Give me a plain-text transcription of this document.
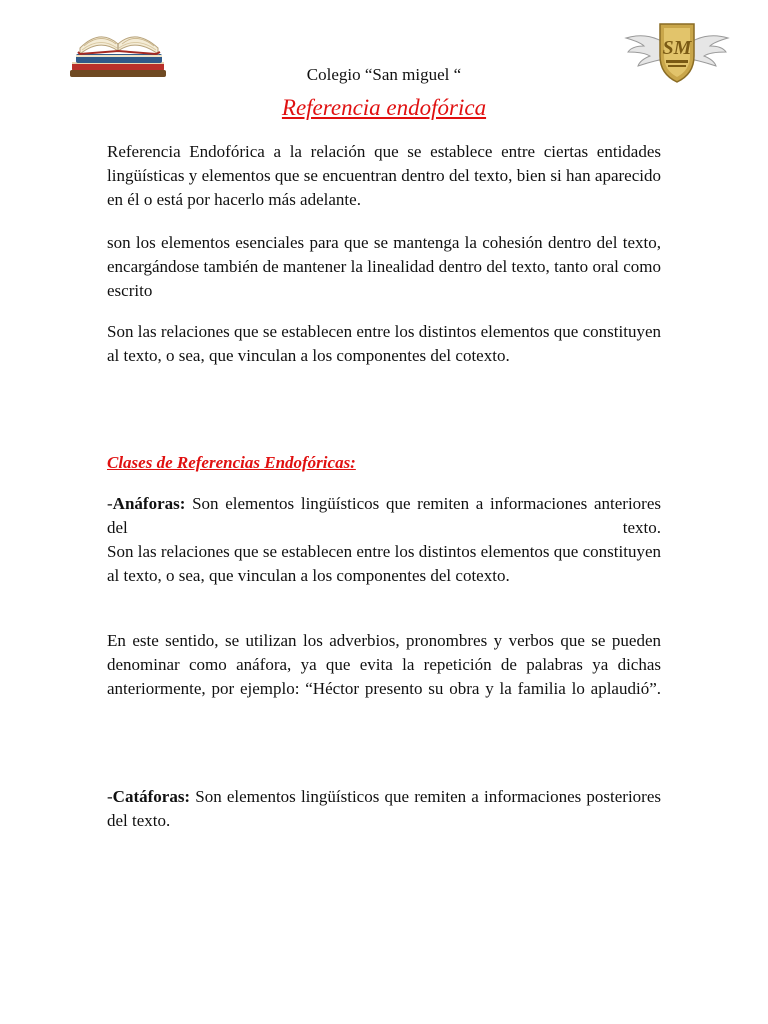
SM
Colegio “San miguel “
Referencia endofórica

Referencia Endofórica a la relación que se establece entre ciertas entidades lingüísticas y elementos que se encuentran dentro del texto, bien si han aparecido en él o está por hacerlo más adelante.

son los elementos esenciales para que se mantenga la cohesión dentro del texto, encargándose también de mantener la linealidad dentro del texto, tanto oral como escrito

Son las relaciones que se establecen entre los distintos elementos que constituyen al texto, o sea, que vinculan a los componentes del cotexto.

Clases de Referencias Endofóricas:

-Anáforas: Son elementos lingüísticos que remiten a informaciones anteriores del texto.

Son las relaciones que se establecen entre los distintos elementos que constituyen al texto, o sea, que vinculan a los componentes del cotexto.

En este sentido, se utilizan los adverbios, pronombres y verbos que se pueden denominar como anáfora, ya que evita la repetición de palabras ya dichas anteriormente, por ejemplo: “Héctor presento su obra y la familia lo aplaudió”.

-Catáforas: Son elementos lingüísticos que remiten a informaciones posteriores del texto.
